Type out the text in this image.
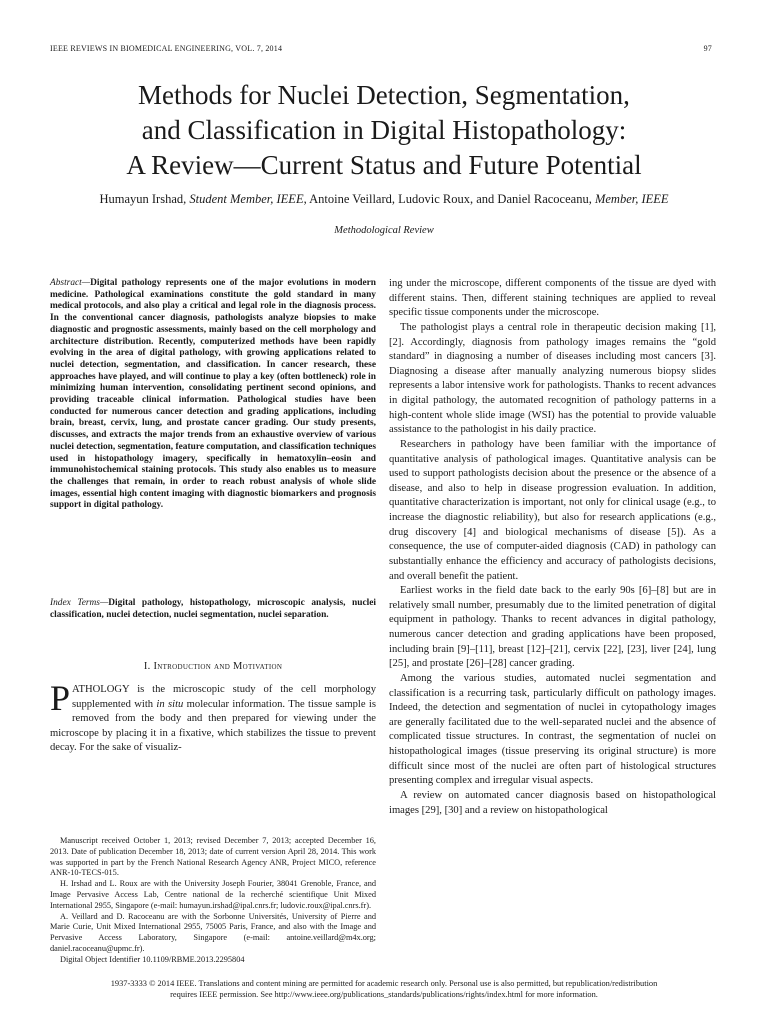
IEEE REVIEWS IN BIOMEDICAL ENGINEERING, VOL. 7, 2014	97
Methods for Nuclei Detection, Segmentation,
and Classification in Digital Histopathology:
A Review—Current Status and Future Potential
Humayun Irshad, Student Member, IEEE, Antoine Veillard, Ludovic Roux, and Daniel Racoceanu, Member, IEEE
Methodological Review

Abstract—Digital pathology represents one of the major evolutions in modern medicine. Pathological examinations constitute the gold standard in many medical protocols, and also play a critical and legal role in the diagnosis process. In the conventional cancer diagnosis, pathologists analyze biopsies to make diagnostic and prognostic assessments, mainly based on the cell morphology and architecture distribution. Recently, computerized methods have been rapidly evolving in the area of digital pathology, with growing applications related to nuclei detection, segmentation, and classification. In cancer research, these approaches have played, and will continue to play a key (often bottleneck) role in minimizing human intervention, consolidating pertinent second opinions, and providing traceable clinical information. Pathological studies have been conducted for numerous cancer detection and grading applications, including brain, breast, cervix, lung, and prostate cancer grading. Our study presents, discusses, and extracts the major trends from an exhaustive overview of various nuclei detection, segmentation, feature computation, and classification techniques used in histopathology imagery, specifically in hematoxylin–eosin and immunohistochemical staining protocols. This study also enables us to measure the challenges that remain, in order to reach robust analysis of whole slide images, essential high content imaging with diagnostic biomarkers and prognosis support in digital pathology.

Index Terms—Digital pathology, histopathology, microscopic analysis, nuclei classification, nuclei detection, nuclei segmentation, nuclei separation.

I. Introduction and Motivation

PATHOLOGY is the microscopic study of the cell morphology supplemented with in situ molecular information. The tissue sample is removed from the body and then prepared for viewing under the microscope by placing it in a fixative, which stabilizes the tissue to prevent decay. For the sake of visualiz-

Manuscript received October 1, 2013; revised December 7, 2013; accepted December 16, 2013. Date of publication December 18, 2013; date of current version April 28, 2014. This work was supported in part by the French National Research Agency ANR, Project MICO, reference ANR-10-TECS-015.

H. Irshad and L. Roux are with the University Joseph Fourier, 38041 Grenoble, France, and Image Pervasive Access Lab, Centre national de la recherché scientifique Unit Mixed International 2955, Singapore (e-mail: humayun.irshad@ipal.cnrs.fr; ludovic.roux@ipal.cnrs.fr).

A. Veillard and D. Racoceanu are with the Sorbonne Universités, University of Pierre and Marie Curie, Unit Mixed International 2955, 75005 Paris, France, and also with the Image and Pervasive Access Laboratory, Singapore (e-mail: antoine.veillard@m4x.org; daniel.racoceanu@upmc.fr).

Digital Object Identifier 10.1109/RBME.2013.2295804

ing under the microscope, different components of the tissue are dyed with different stains. Then, different staining techniques are applied to reveal specific tissue components under the microscope.

The pathologist plays a central role in therapeutic decision making [1], [2]. Accordingly, diagnosis from pathology images remains the “gold standard” in diagnosing a number of diseases including most cancers [3]. Diagnosing a disease after manually analyzing numerous biopsy slides represents a labor intensive work for pathologists. Thanks to recent advances in digital pathology, the automated recognition of pathology patterns in a high-content whole slide image (WSI) has the potential to provide valuable assistance to the pathologist in his daily practice.

Researchers in pathology have been familiar with the importance of quantitative analysis of pathological images. Quantitative analysis can be used to support pathologists decision about the presence or the absence of a disease, and also to help in disease progression evaluation. In addition, quantitative characterization is important, not only for clinical usage (e.g., to increase the diagnostic reliability), but also for research applications (e.g., drug discovery [4] and biological mechanisms of disease [5]). As a consequence, the use of computer-aided diagnosis (CAD) in pathology can substantially enhance the efficiency and accuracy of pathologists decisions, and overall benefit the patient.

Earliest works in the field date back to the early 90s [6]–[8] but are in relatively small number, presumably due to the limited penetration of digital equipment in pathology. Thanks to recent advances in digital pathology, numerous cancer detection and grading applications have been proposed, including brain [9]–[11], breast [12]–[21], cervix [22], [23], liver [24], lung [25], and prostate [26]–[28] cancer grading.

Among the various studies, automated nuclei segmentation and classification is a recurring task, particularly difficult on pathology images. Indeed, the detection and segmentation of nuclei in cytopathology images are generally facilitated due to the well-separated nuclei and the absence of complicated tissue structures. In contrast, the segmentation of nuclei on histopathological images (tissue preserving its original structure) is more difficult since most of the nuclei are often part of histological structures presenting complex and irregular visual aspects.

A review on automated cancer diagnosis based on histopathological images [29], [30] and a review on histopathological

1937-3333 © 2014 IEEE. Translations and content mining are permitted for academic research only. Personal use is also permitted, but republication/redistribution
requires IEEE permission. See http://www.ieee.org/publications_standards/publications/rights/index.html for more information.
